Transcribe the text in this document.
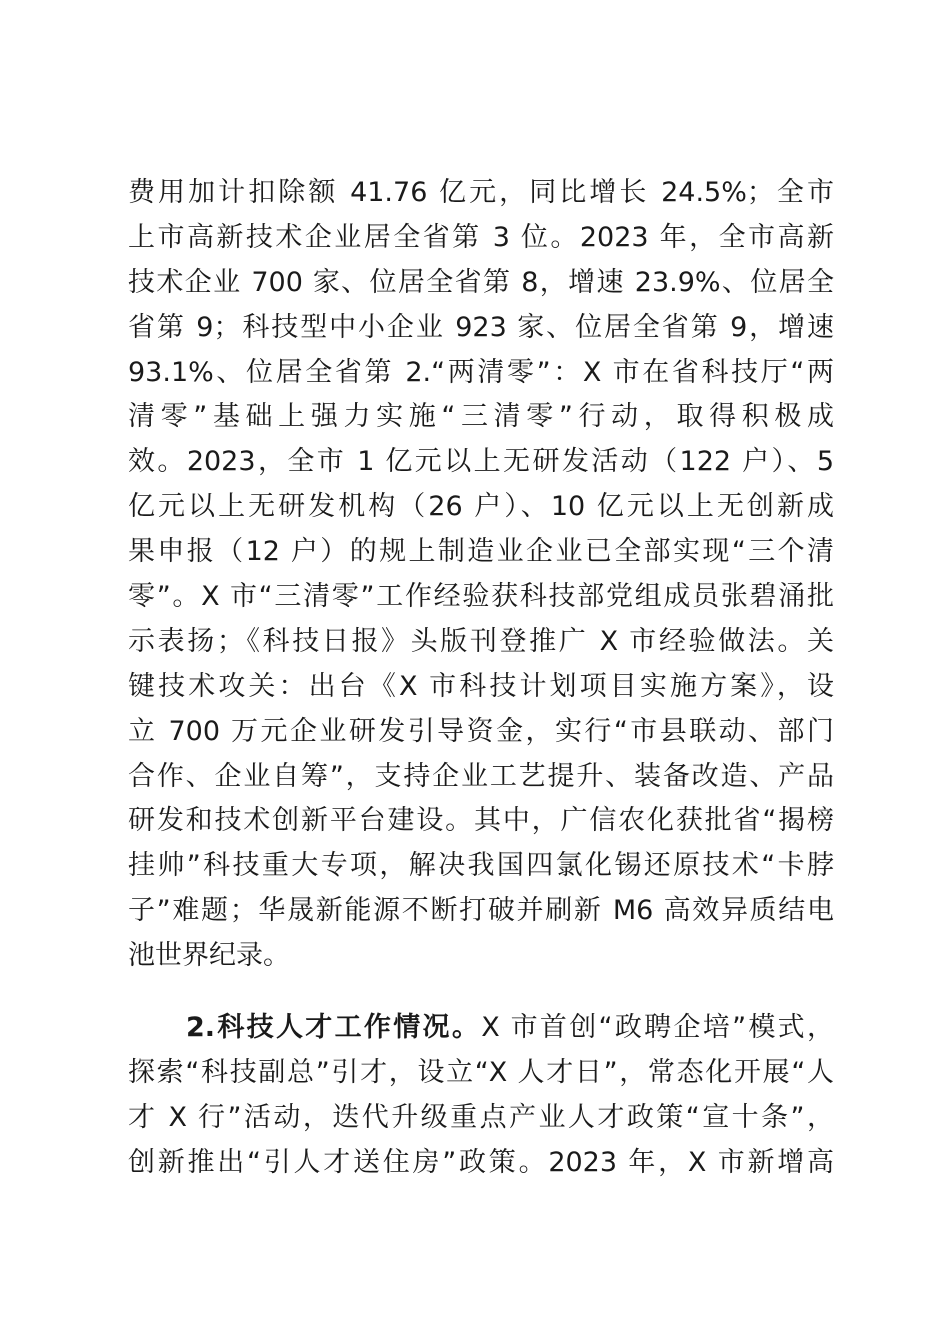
费用加计扣除额 41.76 亿元，同比增长 24.5%；全市
上市高新技术企业居全省第 3 位。2023 年，全市高新
技术企业 700 家、位居全省第 8，增速 23.9%、位居全
省第 9；科技型中小企业 923 家、位居全省第 9，增速
93.1%、位居全省第 2.“两清零”：X 市在省科技厅“两
清零”基础上强力实施“三清零”行动，取得积极成
效。2023，全市 1 亿元以上无研发活动（122 户）、5
亿元以上无研发机构（26 户）、10 亿元以上无创新成
果申报（12 户）的规上制造业企业已全部实现“三个清
零”。X 市“三清零”工作经验获科技部党组成员张碧涌批
示表扬；《科技日报》头版刊登推广 X 市经验做法。关
键技术攻关：出台《X 市科技计划项目实施方案》，设
立 700 万元企业研发引导资金，实行“市县联动、部门
合作、企业自筹”，支持企业工艺提升、装备改造、产品
研发和技术创新平台建设。其中，广信农化获批省“揭榜
挂帅”科技重大专项，解决我国四氯化锡还原技术“卡脖
子”难题；华晟新能源不断打破并刷新 M6 高效异质结电
池世界纪录。
2.科技人才工作情况。X 市首创“政聘企培”模式，
探索“科技副总”引才，设立“X 人才日”，常态化开展“人
才 X 行”活动，迭代升级重点产业人才政策“宣十条”，
创新推出“引人才送住房”政策。2023 年，X 市新增高
